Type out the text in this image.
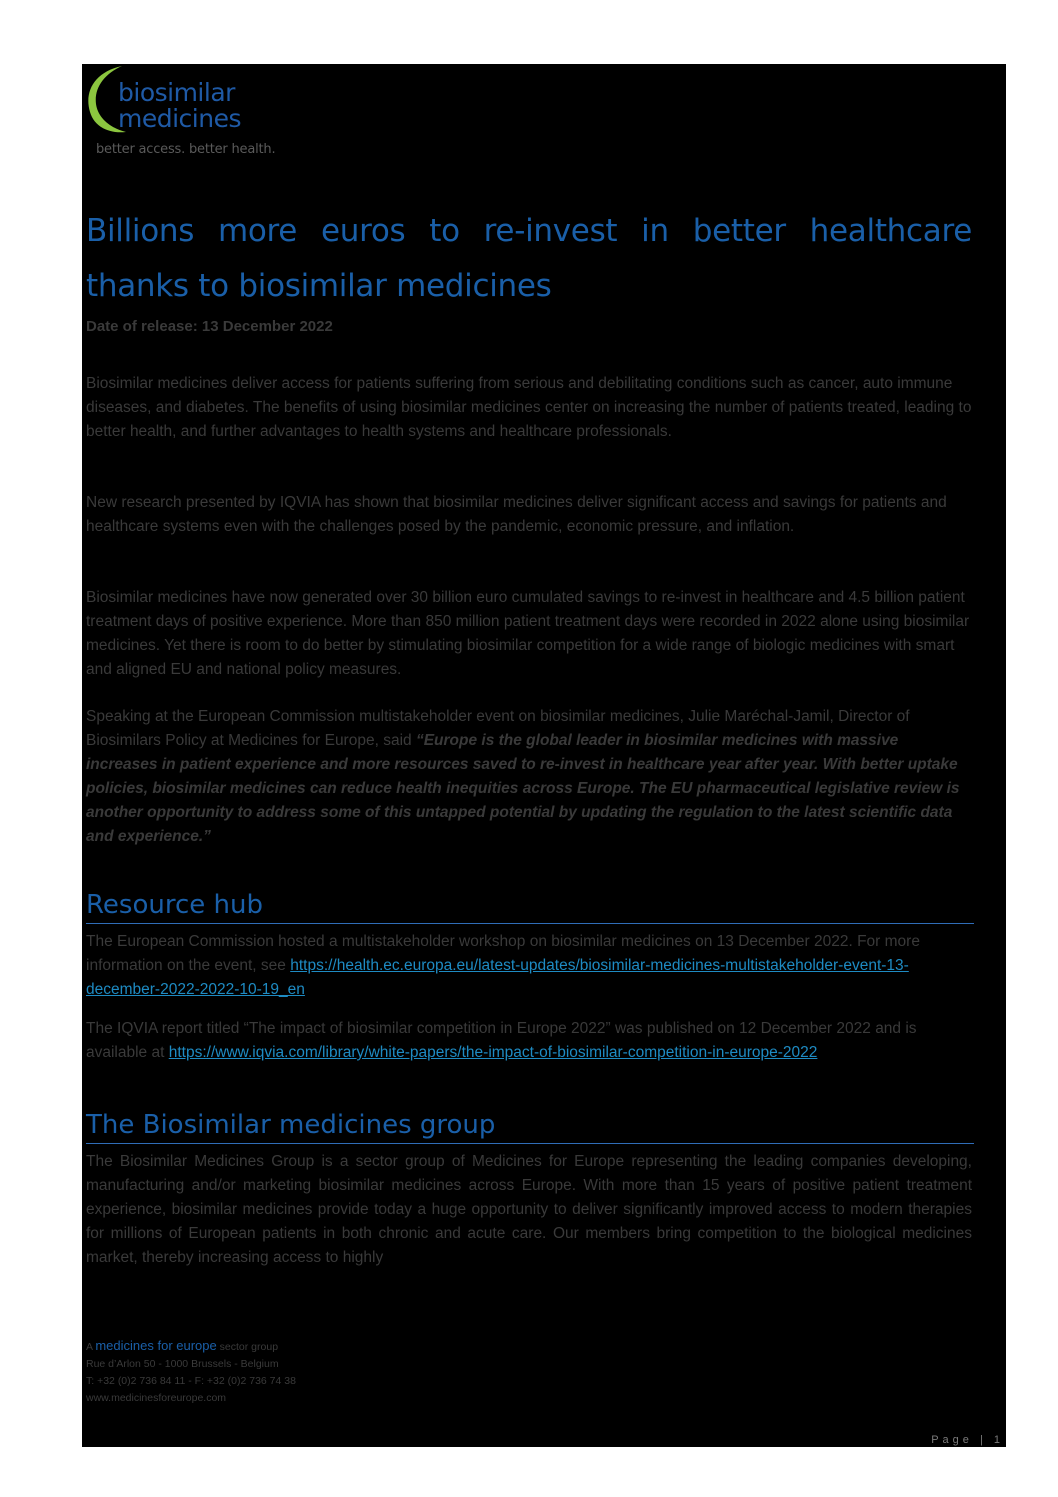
biosimilar
medicines
better access. better health.
Billions more euros to re-invest in better healthcare thanks to biosimilar medicines
Date of release: 13 December 2022

Biosimilar medicines deliver access for patients suffering from serious and debilitating conditions such as cancer, auto immune diseases, and diabetes. The benefits of using biosimilar medicines center on increasing the number of patients treated, leading to better health, and further advantages to health systems and healthcare professionals.

New research presented by IQVIA has shown that biosimilar medicines deliver significant access and savings for patients and healthcare systems even with the challenges posed by the pandemic, economic pressure, and inflation.

Biosimilar medicines have now generated over 30 billion euro cumulated savings to re-invest in healthcare and 4.5 billion patient treatment days of positive experience. More than 850 million patient treatment days were recorded in 2022 alone using biosimilar medicines. Yet there is room to do better by stimulating biosimilar competition for a wide range of biologic medicines with smart and aligned EU and national policy measures.

Speaking at the European Commission multistakeholder event on biosimilar medicines, Julie Maréchal-Jamil, Director of Biosimilars Policy at Medicines for Europe, said “Europe is the global leader in biosimilar medicines with massive increases in patient experience and more resources saved to re-invest in healthcare year after year. With better uptake policies, biosimilar medicines can reduce health inequities across Europe. The EU pharmaceutical legislative review is another opportunity to address some of this untapped potential by updating the regulation to the latest scientific data and experience.”

Resource hub

The European Commission hosted a multistakeholder workshop on biosimilar medicines on 13 December 2022. For more information on the event, see https://health.ec.europa.eu/latest-updates/biosimilar-medicines-multistakeholder-event-13-december-2022-2022-10-19_en

The IQVIA report titled “The impact of biosimilar competition in Europe 2022” was published on 12 December 2022 and is available at https://www.iqvia.com/library/white-papers/the-impact-of-biosimilar-competition-in-europe-2022

The Biosimilar medicines group

The Biosimilar Medicines Group is a sector group of Medicines for Europe representing the leading companies developing, manufacturing and/or marketing biosimilar medicines across Europe. With more than 15 years of positive patient treatment experience, biosimilar medicines provide today a huge opportunity to deliver significantly improved access to modern therapies for millions of European patients in both chronic and acute care. Our members bring competition to the biological medicines market, thereby increasing access to highly

A medicines for europe sector group
Rue d’Arlon 50 - 1000 Brussels - Belgium
T: +32 (0)2 736 84 11 - F: +32 (0)2 736 74 38
www.medicinesforeurope.com
Page | 1
